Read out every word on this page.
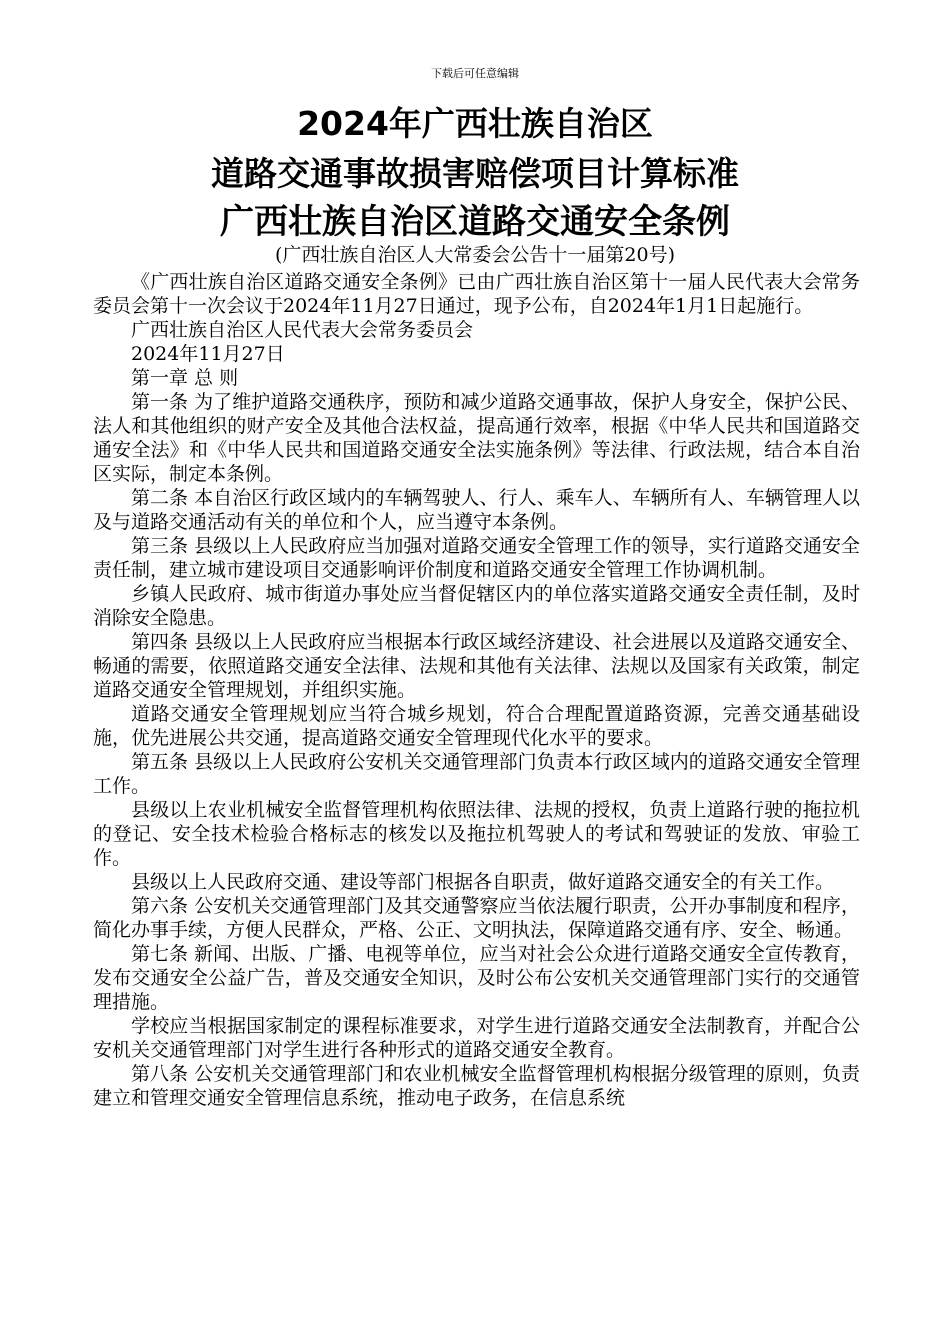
下载后可任意编辑
2024年广西壮族自治区
道路交通事故损害赔偿项目计算标准
广西壮族自治区道路交通安全条例
(广西壮族自治区人大常委会公告十一届第20号)

《广西壮族自治区道路交通安全条例》已由广西壮族自治区第十一届人民代表大会常务委员会第十一次会议于2024年11月27日通过，现予公布，自2024年1月1日起施行。

广西壮族自治区人民代表大会常务委员会

2024年11月27日

第一章 总 则

第一条 为了维护道路交通秩序，预防和减少道路交通事故，保护人身安全，保护公民、法人和其他组织的财产安全及其他合法权益，提高通行效率，根据《中华人民共和国道路交通安全法》和《中华人民共和国道路交通安全法实施条例》等法律、行政法规，结合本自治区实际，制定本条例。

第二条 本自治区行政区域内的车辆驾驶人、行人、乘车人、车辆所有人、车辆管理人以及与道路交通活动有关的单位和个人，应当遵守本条例。

第三条 县级以上人民政府应当加强对道路交通安全管理工作的领导，实行道路交通安全责任制，建立城市建设项目交通影响评价制度和道路交通安全管理工作协调机制。

乡镇人民政府、城市街道办事处应当督促辖区内的单位落实道路交通安全责任制，及时消除安全隐患。

第四条 县级以上人民政府应当根据本行政区域经济建设、社会进展以及道路交通安全、畅通的需要，依照道路交通安全法律、法规和其他有关法律、法规以及国家有关政策，制定道路交通安全管理规划，并组织实施。

道路交通安全管理规划应当符合城乡规划，符合合理配置道路资源，完善交通基础设施，优先进展公共交通，提高道路交通安全管理现代化水平的要求。

第五条 县级以上人民政府公安机关交通管理部门负责本行政区域内的道路交通安全管理工作。

县级以上农业机械安全监督管理机构依照法律、法规的授权，负责上道路行驶的拖拉机的登记、安全技术检验合格标志的核发以及拖拉机驾驶人的考试和驾驶证的发放、审验工作。

县级以上人民政府交通、建设等部门根据各自职责，做好道路交通安全的有关工作。

第六条 公安机关交通管理部门及其交通警察应当依法履行职责，公开办事制度和程序，简化办事手续，方便人民群众，严格、公正、文明执法，保障道路交通有序、安全、畅通。

第七条 新闻、出版、广播、电视等单位，应当对社会公众进行道路交通安全宣传教育，发布交通安全公益广告，普及交通安全知识，及时公布公安机关交通管理部门实行的交通管理措施。

学校应当根据国家制定的课程标准要求，对学生进行道路交通安全法制教育，并配合公安机关交通管理部门对学生进行各种形式的道路交通安全教育。

第八条 公安机关交通管理部门和农业机械安全监督管理机构根据分级管理的原则，负责建立和管理交通安全管理信息系统，推动电子政务，在信息系统
